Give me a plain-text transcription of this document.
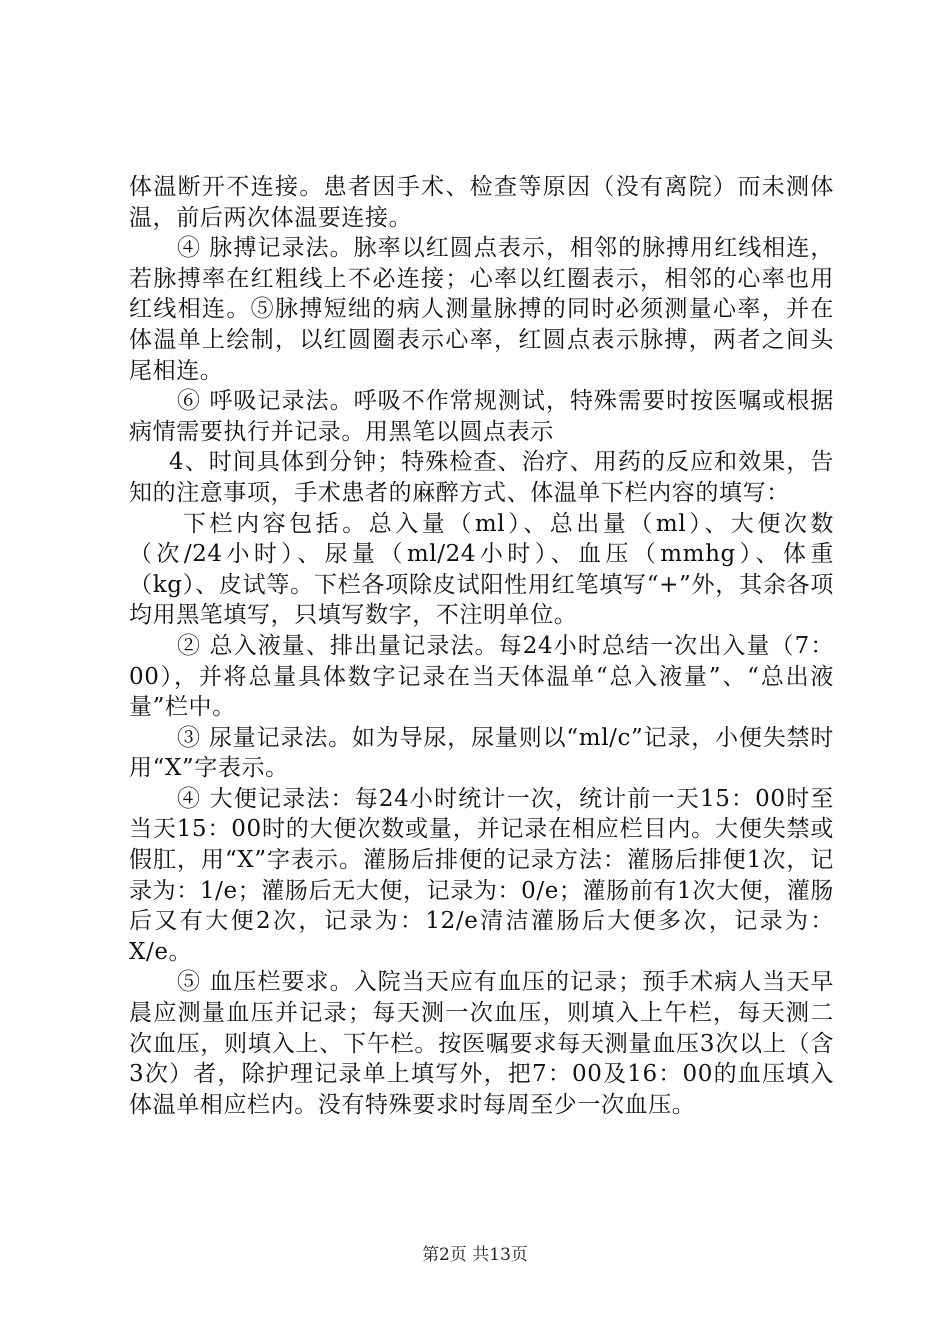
体温断开不连接。患者因手术、检查等原因（没有离院）而未测体温，前后两次体温要连接。

④ 脉搏记录法。脉率以红圆点表示，相邻的脉搏用红线相连，若脉搏率在红粗线上不必连接；心率以红圈表示，相邻的心率也用红线相连。⑤脉搏短绌的病人测量脉搏的同时必须测量心率，并在体温单上绘制，以红圆圈表示心率，红圆点表示脉搏，两者之间头尾相连。

⑥ 呼吸记录法。呼吸不作常规测试，特殊需要时按医嘱或根据病情需要执行并记录。用黑笔以圆点表示

4、时间具体到分钟；特殊检查、治疗、用药的反应和效果，告知的注意事项，手术患者的麻醉方式、体温单下栏内容的填写：

下栏内容包括。总入量（ml）、总出量（ml）、大便次数（次/24小时）、尿量（ml/24小时）、血压（mmhg）、体重（kg）、皮试等。下栏各项除皮试阳性用红笔填写“+”外，其余各项均用黑笔填写，只填写数字，不注明单位。

② 总入液量、排出量记录法。每24小时总结一次出入量（7：00），并将总量具体数字记录在当天体温单“总入液量”、“总出液量”栏中。

③ 尿量记录法。如为导尿，尿量则以“ml/c”记录，小便失禁时用“X”字表示。

④ 大便记录法：每24小时统计一次，统计前一天15：00时至当天15：00时的大便次数或量，并记录在相应栏目内。大便失禁或假肛，用“X”字表示。灌肠后排便的记录方法：灌肠后排便1次，记录为：1/e；灌肠后无大便，记录为：0/e；灌肠前有1次大便，灌肠后又有大便2次，记录为：12/e清洁灌肠后大便多次，记录为：X/e。

⑤ 血压栏要求。入院当天应有血压的记录；预手术病人当天早晨应测量血压并记录；每天测一次血压，则填入上午栏，每天测二次血压，则填入上、下午栏。按医嘱要求每天测量血压3次以上（含3次）者，除护理记录单上填写外，把7：00及16：00的血压填入体温单相应栏内。没有特殊要求时每周至少一次血压。

第2页 共13页
